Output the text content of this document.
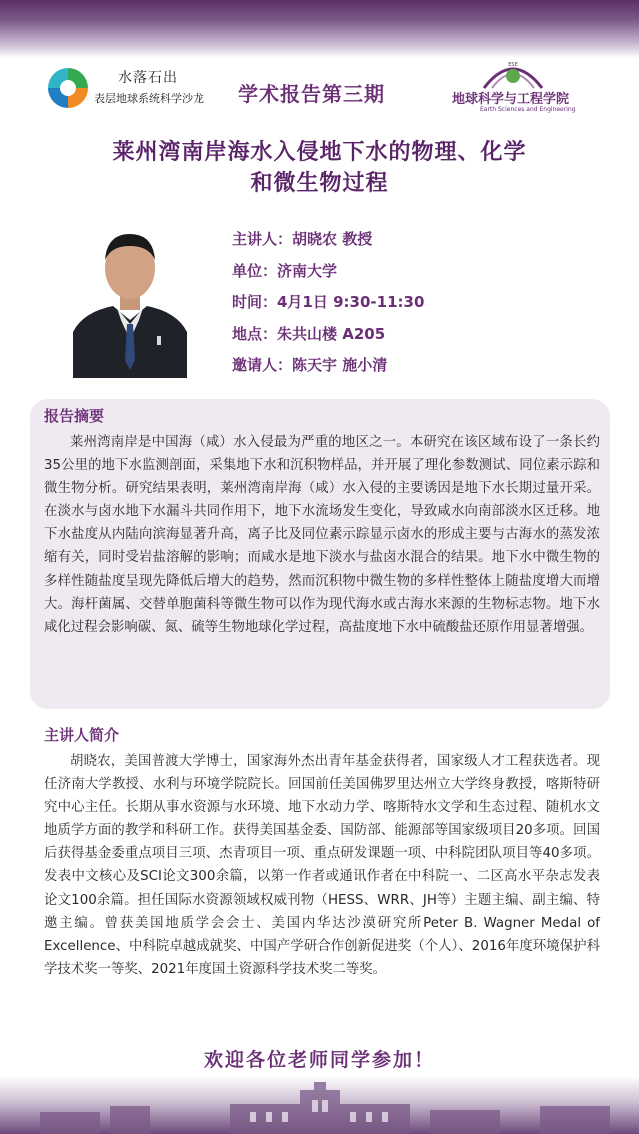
水落石出
表层地球系统科学沙龙 学术报告第三期
ESE
地球科学与工程学院
Earth Sciences and Engineering
莱州湾南岸海水入侵地下水的物理、化学
和微生物过程
主讲人：胡晓农 教授
单位：济南大学
时间：4月1日 9:30-11:30
地点：朱共山楼 A205
邀请人：陈天宇 施小清
报告摘要

莱州湾南岸是中国海（咸）水入侵最为严重的地区之一。本研究在该区域布设了一条长约35公里的地下水监测剖面，采集地下水和沉积物样品，并开展了理化参数测试、同位素示踪和微生物分析。研究结果表明，莱州湾南岸海（咸）水入侵的主要诱因是地下水长期过量开采。在淡水与卤水地下水漏斗共同作用下，地下水流场发生变化，导致咸水向南部淡水区迁移。地下水盐度从内陆向滨海显著升高，离子比及同位素示踪显示卤水的形成主要与古海水的蒸发浓缩有关，同时受岩盐溶解的影响；而咸水是地下淡水与盐卤水混合的结果。地下水中微生物的多样性随盐度呈现先降低后增大的趋势，然而沉积物中微生物的多样性整体上随盐度增大而增大。海杆菌属、交替单胞菌科等微生物可以作为现代海水或古海水来源的生物标志物。地下水咸化过程会影响碳、氮、硫等生物地球化学过程，高盐度地下水中硫酸盐还原作用显著增强。

主讲人简介

胡晓农，美国普渡大学博士，国家海外杰出青年基金获得者，国家级人才工程获选者。现任济南大学教授、水利与环境学院院长。回国前任美国佛罗里达州立大学终身教授，喀斯特研究中心主任。长期从事水资源与水环境、地下水动力学、喀斯特水文学和生态过程、随机水文地质学方面的教学和科研工作。获得美国基金委、国防部、能源部等国家级项目20多项。回国后获得基金委重点项目三项、杰青项目一项、重点研发课题一项、中科院团队项目等40多项。发表中文核心及SCI论文300余篇，以第一作者或通讯作者在中科院一、二区高水平杂志发表论文100余篇。担任国际水资源领域权威刊物（HESS、WRR、JH等）主题主编、副主编、特邀主编。曾获美国地质学会会士、美国内华达沙漠研究所Peter B. Wagner Medal of Excellence、中科院卓越成就奖、中国产学研合作创新促进奖（个人）、2016年度环境保护科学技术奖一等奖、2021年度国土资源科学技术奖二等奖。

欢迎各位老师同学参加！
